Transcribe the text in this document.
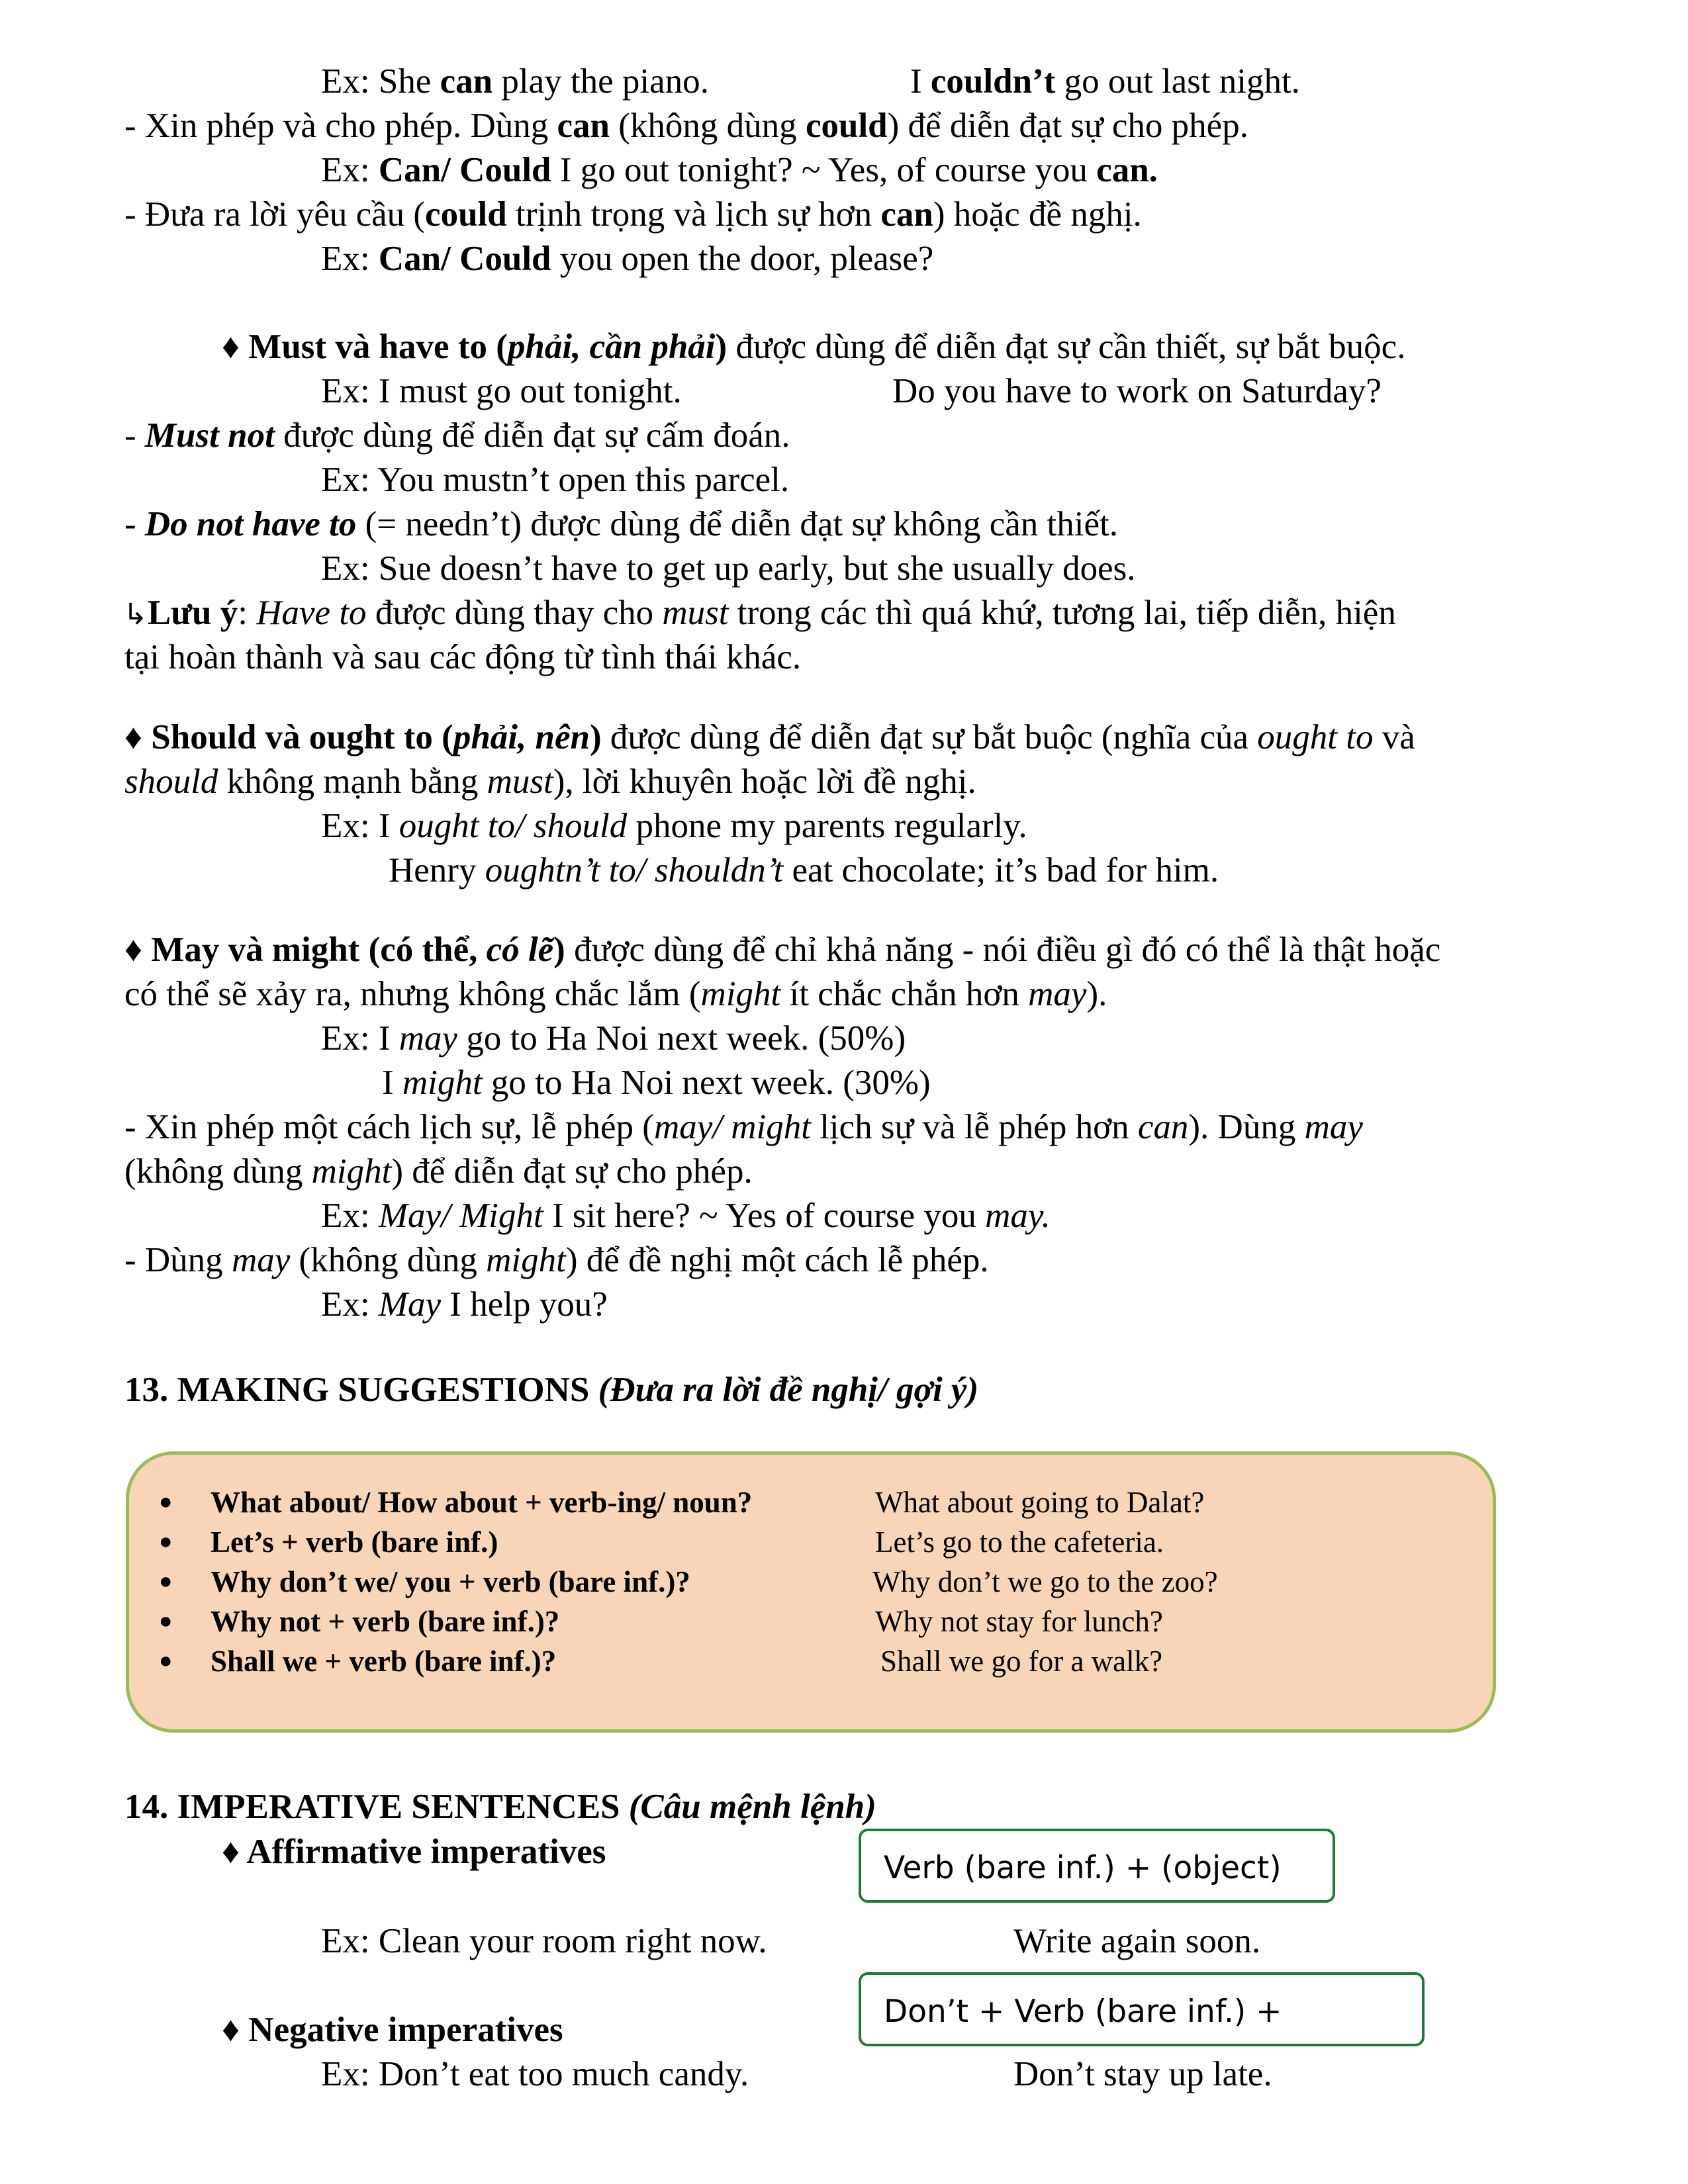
Ex: She can play the piano.	I couldn’t go out last night.
- Xin phép và cho phép. Dùng can (không dùng could) để diễn đạt sự cho phép.
Ex: Can/ Could I go out tonight? ~ Yes, of course you can.
- Đưa ra lời yêu cầu (could trịnh trọng và lịch sự hơn can) hoặc đề nghị.
Ex: Can/ Could you open the door, please?
♦ Must và have to (phải, cần phải) được dùng để diễn đạt sự cần thiết, sự bắt buộc.
Ex: I must go out tonight.	Do you have to work on Saturday?
- Must not được dùng để diễn đạt sự cấm đoán.
Ex: You mustn’t open this parcel.
- Do not have to (= needn’t) được dùng để diễn đạt sự không cần thiết.
Ex: Sue doesn’t have to get up early, but she usually does.
↳Lưu ý: Have to được dùng thay cho must trong các thì quá khứ, tương lai, tiếp diễn, hiện
tại hoàn thành và sau các động từ tình thái khác.
♦ Should và ought to (phải, nên) được dùng để diễn đạt sự bắt buộc (nghĩa của ought to và
should không mạnh bằng must), lời khuyên hoặc lời đề nghị.
Ex: I ought to/ should phone my parents regularly.
Henry oughtn’t to/ shouldn’t eat chocolate; it’s bad for him.
♦ May và might (có thể, có lẽ) được dùng để chỉ khả năng - nói điều gì đó có thể là thật hoặc
có thể sẽ xảy ra, nhưng không chắc lắm (might ít chắc chắn hơn may).
Ex: I may go to Ha Noi next week. (50%)
I might go to Ha Noi next week. (30%)
- Xin phép một cách lịch sự, lễ phép (may/ might lịch sự và lễ phép hơn can). Dùng may
(không dùng might) để diễn đạt sự cho phép.
Ex: May/ Might I sit here? ~ Yes of course you may.
- Dùng may (không dùng might) để đề nghị một cách lễ phép.
Ex: May I help you?
13. MAKING SUGGESTIONS (Đưa ra lời đề nghị/ gợi ý)
● What about/ How about + verb-ing/ noun?	What about going to Dalat?
● Let’s + verb (bare inf.)	Let’s go to the cafeteria.
● Why don’t we/ you + verb (bare inf.)?	Why don’t we go to the zoo?
● Why not + verb (bare inf.)?	Why not stay for lunch?
● Shall we + verb (bare inf.)?	Shall we go for a walk?
14. IMPERATIVE SENTENCES (Câu mệnh lệnh)
♦ Affirmative imperatives	Verb (bare inf.) + (object)
Ex: Clean your room right now.	Write again soon.
♦ Negative imperatives	Don’t + Verb (bare inf.) +
Ex: Don’t eat too much candy.	Don’t stay up late.
